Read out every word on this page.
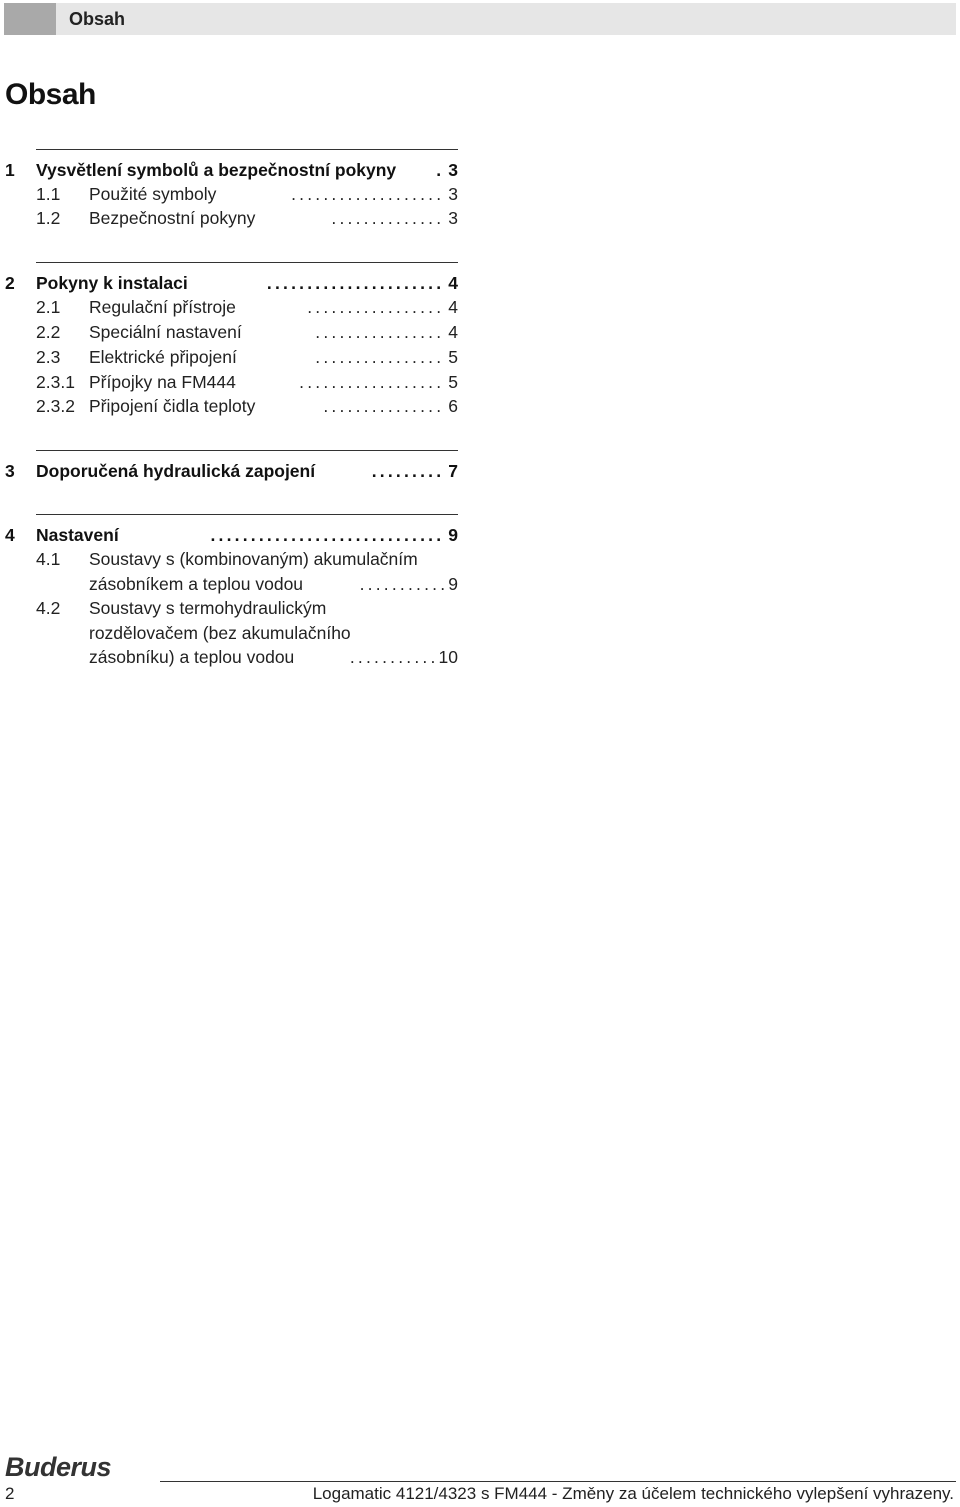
Obsah
Obsah
1 Vysvětlení symbolů a bezpečnostní pokyny	. 3
1.1 Použité symboly	................... 3
1.2 Bezpečnostní pokyny	.............. 3
2 Pokyny k instalaci	...................... 4
2.1 Regulační přístroje	................. 4
2.2 Speciální nastavení	................ 4
2.3 Elektrické připojení	................ 5
2.3.1 Přípojky na FM444	.................. 5
2.3.2 Připojení čidla teploty	............... 6
3 Doporučená hydraulická zapojení	......... 7
4 Nastavení	............................. 9
4.1 Soustavy s (kombinovaným) akumulačním
zásobníkem a teplou vodou	........... 9
4.2 Soustavy s termohydraulickým
rozdělovačem (bez akumulačního
zásobníku) a teplou vodou	........... 10
Buderus
2	Logamatic 4121/4323 s FM444 - Změny za účelem technického vylepšení vyhrazeny.
